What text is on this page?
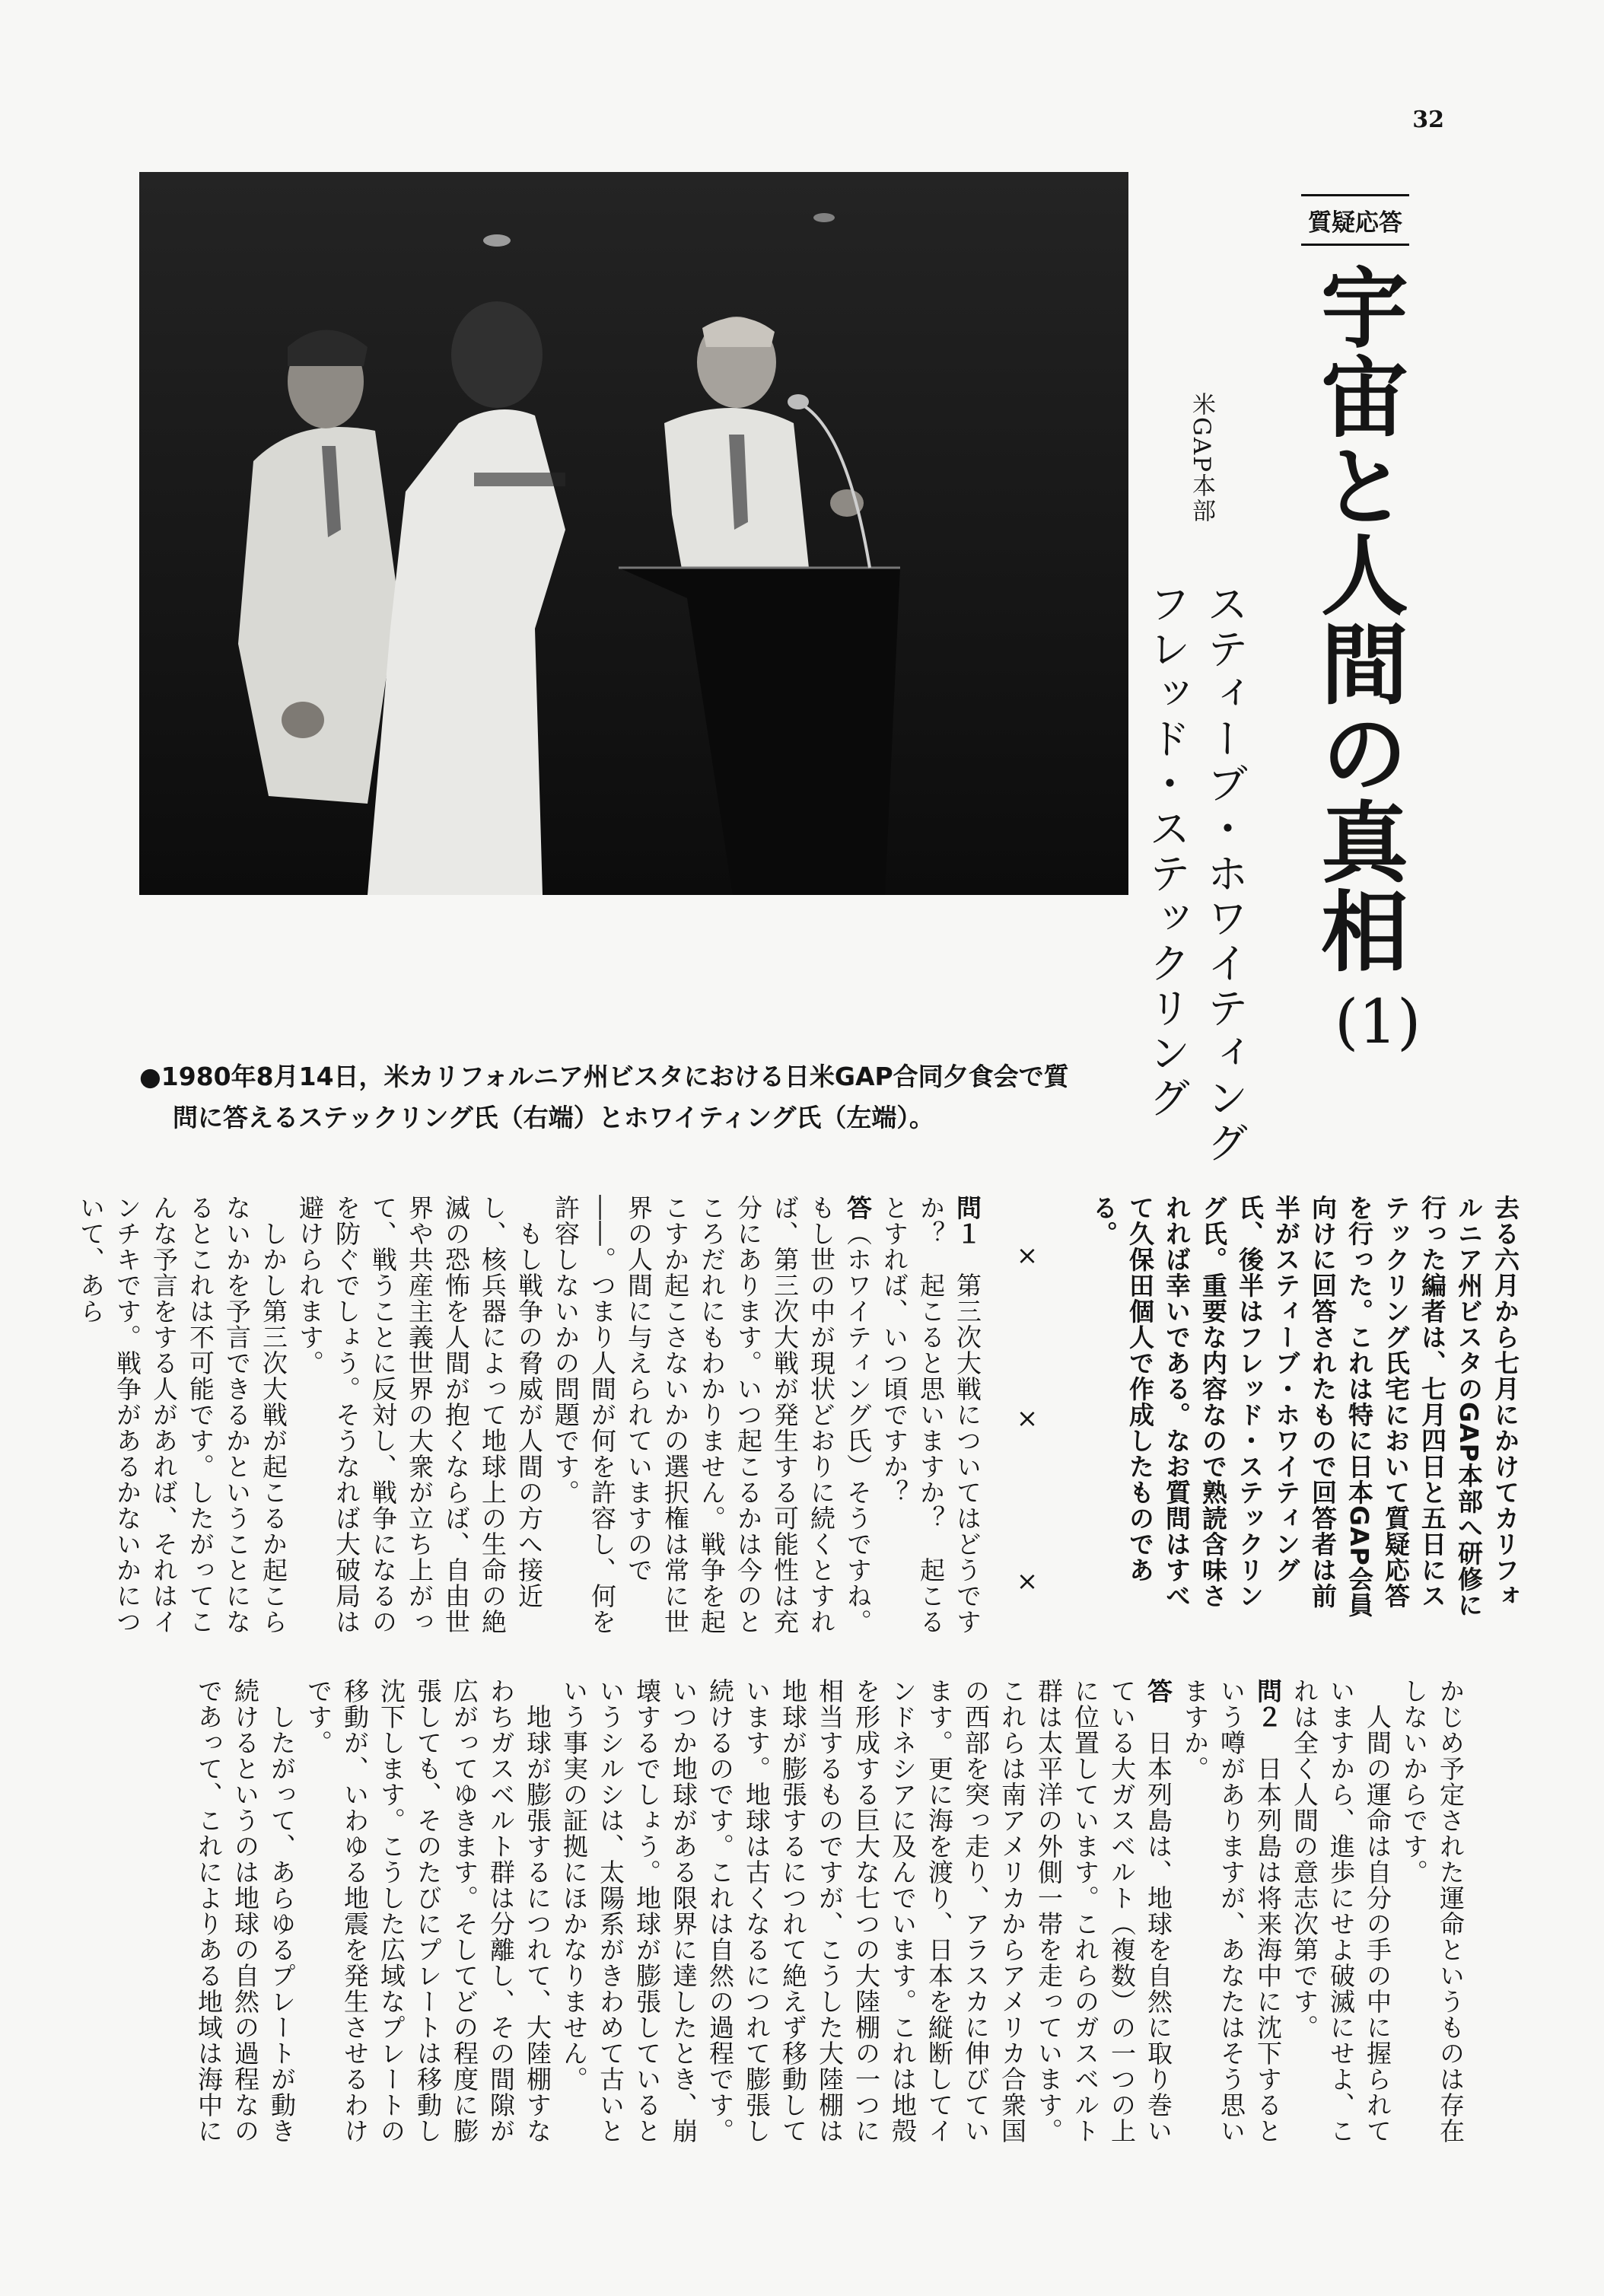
32
●1980年8月14日，米カリフォルニア州ビスタにおける日米GAP合同夕食会で質
問に答えるステックリング氏（右端）とホワイティング氏（左端）。
質疑応答
宇宙と人間の真相
(1)
米GAP本部
スティーブ・ホワイティング
フレッド・ステックリング

去る六月から七月にかけてカリフォルニア州ビスタのGAP本部へ研修に行った編者は、七月四日と五日にステックリング氏宅において質疑応答を行った。これは特に日本GAP会員向けに回答されたもので回答者は前半がスティーブ・ホワイティング氏、後半はフレッド・ステックリング氏。重要な内容なので熟読含味されれば幸いである。なお質問はすべて久保田個人で作成したものである。

×　×　×

問１　第三次大戦についてはどうですか？　起こると思いますか？　起こるとすれば、いつ頃ですか？

答（ホワイティング氏）そうですね。もし世の中が現状どおりに続くとすれば、第三次大戦が発生する可能性は充分にあります。いつ起こるかは今のところだれにもわかりません。戦争を起こすか起こさないかの選択権は常に世界の人間に与えられていますので――。つまり人間が何を許容し、何を許容しないかの問題です。

　もし戦争の脅威が人間の方へ接近し、核兵器によって地球上の生命の絶滅の恐怖を人間が抱くならば、自由世界や共産主義世界の大衆が立ち上がって、戦うことに反対し、戦争になるのを防ぐでしょう。そうなれば大破局は避けられます。

　しかし第三次大戦が起こるか起こらないかを予言できるかということになるとこれは不可能です。したがってこんな予言をする人があれば、それはインチキです。戦争があるかないかについて、あら

かじめ予定された運命というものは存在しないからです。

　人間の運命は自分の手の中に握られていますから、進歩にせよ破滅にせよ、これは全く人間の意志次第です。

問２　日本列島は将来海中に沈下するという噂がありますが、あなたはそう思いますか。

答　日本列島は、地球を自然に取り巻いている大ガスベルト（複数）の一つの上に位置しています。これらのガスベルト群は太平洋の外側一帯を走っています。これらは南アメリカからアメリカ合衆国の西部を突っ走り、アラスカに伸びています。更に海を渡り、日本を縦断してインドネシアに及んでいます。これは地殻を形成する巨大な七つの大陸棚の一つに相当するものですが、こうした大陸棚は地球が膨張するにつれて絶えず移動しています。地球は古くなるにつれて膨張し続けるのです。これは自然の過程です。いつか地球がある限界に達したとき、崩壊するでしょう。地球が膨張しているというシルシは、太陽系がきわめて古いという事実の証拠にほかなりません。

　地球が膨張するにつれて、大陸棚すなわちガスベルト群は分離し、その間隙が広がってゆきます。そしてどの程度に膨張しても、そのたびにプレートは移動し沈下します。こうした広域なプレートの移動が、いわゆる地震を発生させるわけです。

　したがって、あらゆるプレートが動き続けるというのは地球の自然の過程なのであって、これによりある地域は海中に
